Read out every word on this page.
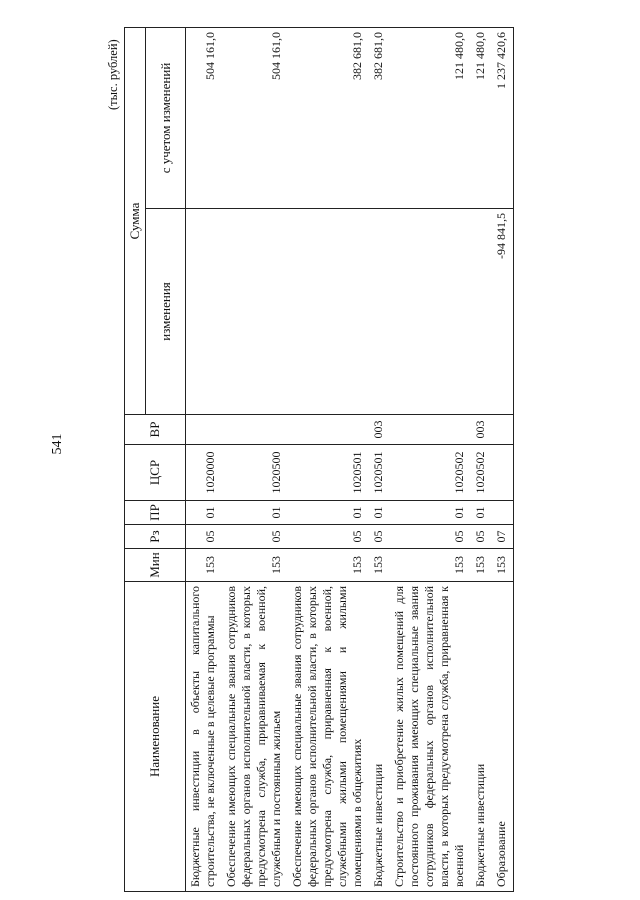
541
(тыс. рублей)
Наименование	Мин	Рз	ПР	ЦСР	ВР	Сумма	
						изменения	с учетом изменений
Бюджетные инвестиции в объекты капитального строительства, не включенные в целевые программы	153	05	01	1020000			504 161,0
Обеспечение имеющих специальные звания сотрудников федеральных органов исполнительной власти, в которых предусмотрена служба, приравниваемая к военной, служебным и постоянным жильем	153	05	01	1020500			504 161,0
Обеспечение имеющих специальные звания сотрудников федеральных органов исполнительной власти, в которых предусмотрена служба, приравненная к военной, служебными жилыми помещениями и жилыми помещениями в общежитиях	153	05	01	1020501			382 681,0
Бюджетные инвестиции	153	05	01	1020501	003		382 681,0
Строительство и приобретение жилых помещений для постоянного проживания имеющих специальные звания сотрудников федеральных органов исполнительной власти, в которых предусмотрена служба, приравненная к военной	153	05	01	1020502			121 480,0
Бюджетные инвестиции	153	05	01	1020502	003		121 480,0
Образование	153	07				-94 841,5	1 237 420,6
